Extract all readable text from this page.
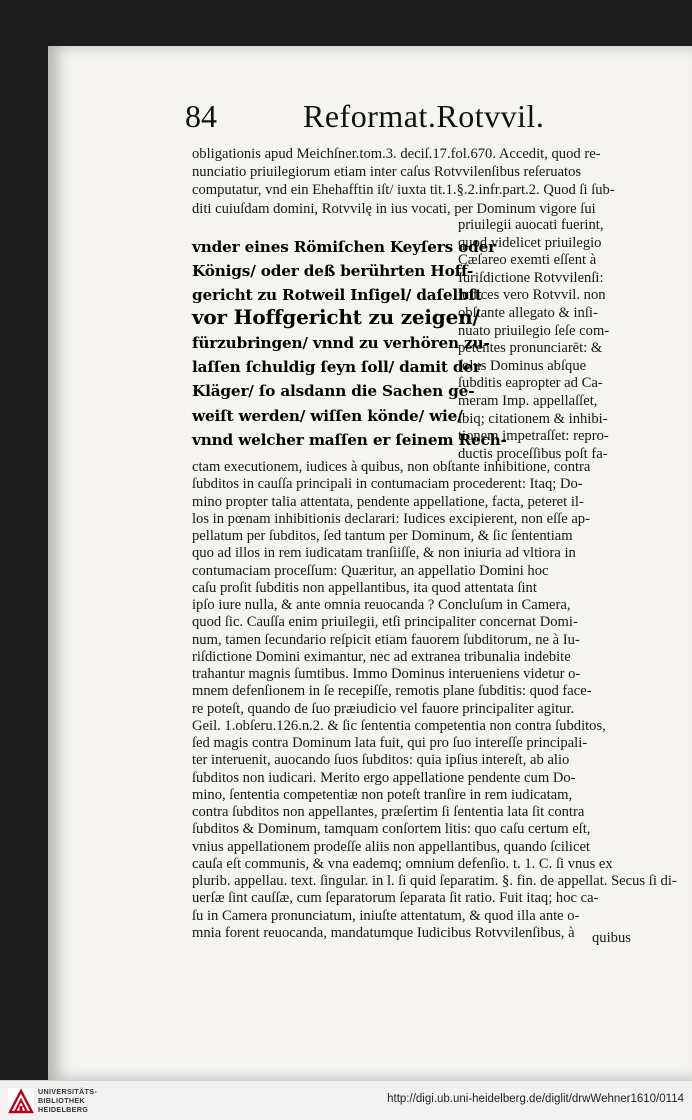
84	Reformat.Rotvvil.
obligationis apud Meichſner.tom.3. deciſ.17.fol.670. Accedit, quod re-
nunciatio priuilegiorum etiam inter caſus Rotvvilenſibus reſeruatos
computatur, vnd ein Ehehafftin iſt/ iuxta tit.1.§.2.infr.part.2. Quod ſi ſub-
diti cuiuſdam domini, Rotvvilę in ius vocati, per Dominum vigore ſui
priuilegii auocati fuerint,
quod videlicet priuilegio
Cæſareo exemti eſſent à
Iuriſdictione Rotvvilenſi:
iudices vero Rotvvil. non
obſtante allegato & inſi-
nuato priuilegio ſeſe com-
petentes pronunciarēt: &
ſolus Dominus abſque
ſubditis eapropter ad Ca-
meram Imp. appellaſſet,
ibiq; citationem & inhibi-
tionem impetraſſet: repro-
ductis proceſſibus poſt fa-
vnder eines Römiſchen Keyſers oder
Königs/ oder deß berührten Hoff-
gericht zu Rotweil Inſigel/ daſelbſt
vor Hoffgericht zu zeigen/
fürzubringen/ vnnd zu verhören zu-
laſſen ſchuldig ſeyn ſoll/ damit der
Kläger/ ſo alsdann die Sachen ge-
weiſt werden/ wiſſen könde/ wie/
vnnd welcher maſſen er ſeinem Rech-
ctam executionem, iudices à quibus, non obſtante inhibitione, contra
ſubditos in cauſſa principali in contumaciam procederent: Itaq; Do-
mino propter talia attentata, pendente appellatione, facta, peteret il-
los in pœnam inhibitionis declarari: Iudices excipierent, non eſſe ap-
pellatum per ſubditos, ſed tantum per Dominum, & ſic ſententiam
quo ad illos in rem iudicatam tranſiiſſe, & non iniuria ad vltiora in
contumaciam proceſſum: Quæritur, an appellatio Domini hoc
caſu proſit ſubditis non appellantibus, ita quod attentata ſint
ipſo iure nulla, & ante omnia reuocanda ? Concluſum in Camera,
quod ſic. Cauſſa enim priuilegii, etſi principaliter concernat Domi-
num, tamen ſecundario reſpicit etiam fauorem ſubditorum, ne à Iu-
riſdictione Domini eximantur, nec ad extranea tribunalia indebite
trahantur magnis ſumtibus. Immo Dominus interueniens videtur o-
mnem defenſionem in ſe recepiſſe, remotis plane ſubditis: quod face-
re poteſt, quando de ſuo præiudicio vel fauore principaliter agitur.
Geil. 1.obſeru.126.n.2. & ſic ſententia competentia non contra ſubditos,
ſed magis contra Dominum lata fuit, qui pro ſuo intereſſe principali-
ter interuenit, auocando ſuos ſubditos: quia ipſius intereſt, ab alio
ſubditos non iudicari. Merito ergo appellatione pendente cum Do-
mino, ſententia competentiæ non poteſt tranſire in rem iudicatam,
contra ſubditos non appellantes, præſertim ſi ſententia lata ſit contra
ſubditos & Dominum, tamquam conſortem litis: quo caſu certum eſt,
vnius appellationem prodeſſe aliis non appellantibus, quando ſcilicet
cauſa eſt communis, & vna eademq; omnium defenſio. t. 1. C. ſi vnus ex
plurib. appellau. text. ſingular. in l. ſi quid ſeparatim. §. fin. de appellat. Secus ſi di-
uerſæ ſint cauſſæ, cum ſeparatorum ſeparata ſit ratio. Fuit itaq; hoc ca-
ſu in Camera pronunciatum, iniuſte attentatum, & quod illa ante o-
mnia forent reuocanda, mandatumque Iudicibus Rotvvilenſibus, à	quibus
UNIVERSITÄTS-
BIBLIOTHEK
HEIDELBERG
http://digi.ub.uni-heidelberg.de/diglit/drwWehner1610/0114
